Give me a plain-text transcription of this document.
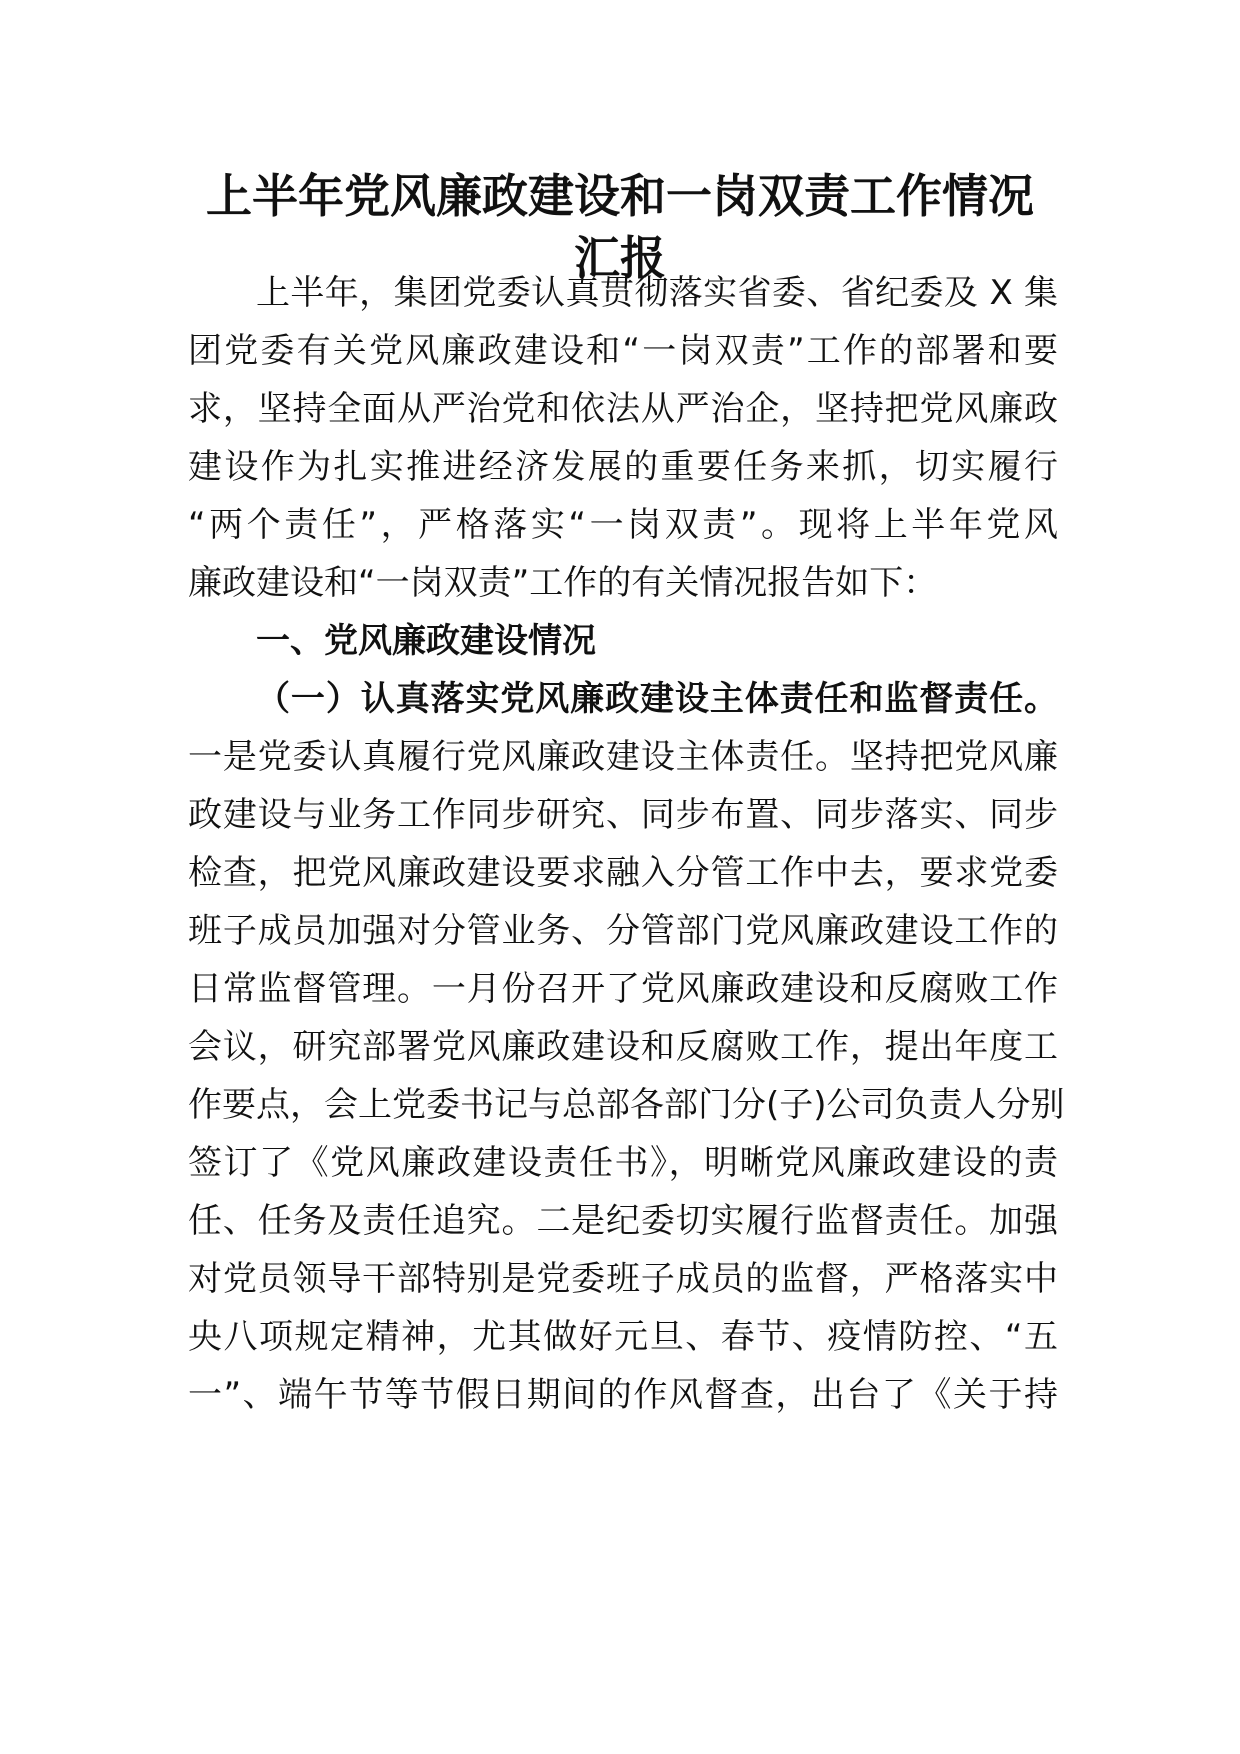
上半年党风廉政建设和一岗双责工作情况
汇报

上半年，集团党委认真贯彻落实省委、省纪委及 X 集

团党委有关党风廉政建设和“一岗双责”工作的部署和要

求，坚持全面从严治党和依法从严治企，坚持把党风廉政

建设作为扎实推进经济发展的重要任务来抓，切实履行

“两个责任”，严格落实“一岗双责”。现将上半年党风

廉政建设和“一岗双责”工作的有关情况报告如下：

一、党风廉政建设情况

（一）认真落实党风廉政建设主体责任和监督责任。

一是党委认真履行党风廉政建设主体责任。坚持把党风廉

政建设与业务工作同步研究、同步布置、同步落实、同步

检查，把党风廉政建设要求融入分管工作中去，要求党委

班子成员加强对分管业务、分管部门党风廉政建设工作的

日常监督管理。一月份召开了党风廉政建设和反腐败工作

会议，研究部署党风廉政建设和反腐败工作，提出年度工

作要点，会上党委书记与总部各部门分(子)公司负责人分别

签订了《党风廉政建设责任书》，明晰党风廉政建设的责

任、任务及责任追究。二是纪委切实履行监督责任。加强

对党员领导干部特别是党委班子成员的监督，严格落实中

央八项规定精神，尤其做好元旦、春节、疫情防控、“五

一”、端午节等节假日期间的作风督查，出台了《关于持
